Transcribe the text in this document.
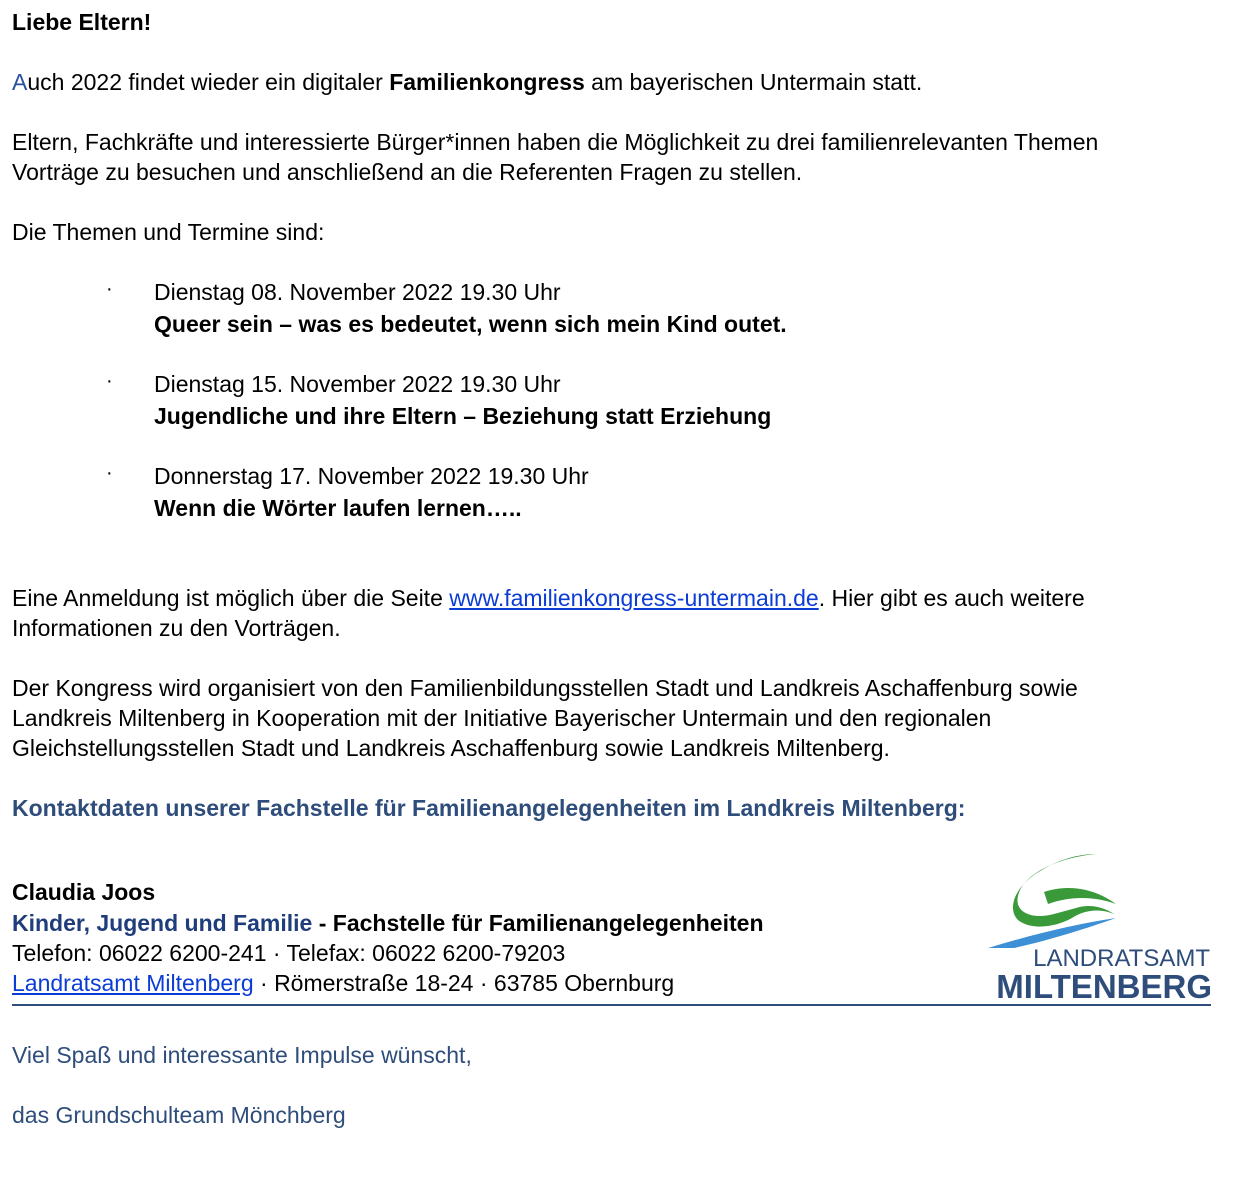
Liebe Eltern!
Auch 2022 findet wieder ein digitaler Familienkongress am bayerischen Untermain statt.
Eltern, Fachkräfte und interessierte Bürger*innen haben die Möglichkeit zu drei familienrelevanten Themen
Vorträge zu besuchen und anschließend an die Referenten Fragen zu stellen.
Die Themen und Termine sind:
· Dienstag 08. November 2022 19.30 Uhr
Queer sein – was es bedeutet, wenn sich mein Kind outet.
· Dienstag 15. November 2022 19.30 Uhr
Jugendliche und ihre Eltern – Beziehung statt Erziehung
· Donnerstag 17. November 2022 19.30 Uhr
Wenn die Wörter laufen lernen…..
Eine Anmeldung ist möglich über die Seite www.familienkongress-untermain.de. Hier gibt es auch weitere
Informationen zu den Vorträgen.
Der Kongress wird organisiert von den Familienbildungsstellen Stadt und Landkreis Aschaffenburg sowie
Landkreis Miltenberg in Kooperation mit der Initiative Bayerischer Untermain und den regionalen
Gleichstellungsstellen Stadt und Landkreis Aschaffenburg sowie Landkreis Miltenberg.
Kontaktdaten unserer Fachstelle für Familienangelegenheiten im Landkreis Miltenberg:
Claudia Joos
Kinder, Jugend und Familie - Fachstelle für Familienangelegenheiten
Telefon: 06022 6200-241 · Telefax: 06022 6200-79203
Landratsamt Miltenberg · Römerstraße 18-24 · 63785 Obernburg
LANDRATSAMT
MILTENBERG
Viel Spaß und interessante Impulse wünscht,
das Grundschulteam Mönchberg
